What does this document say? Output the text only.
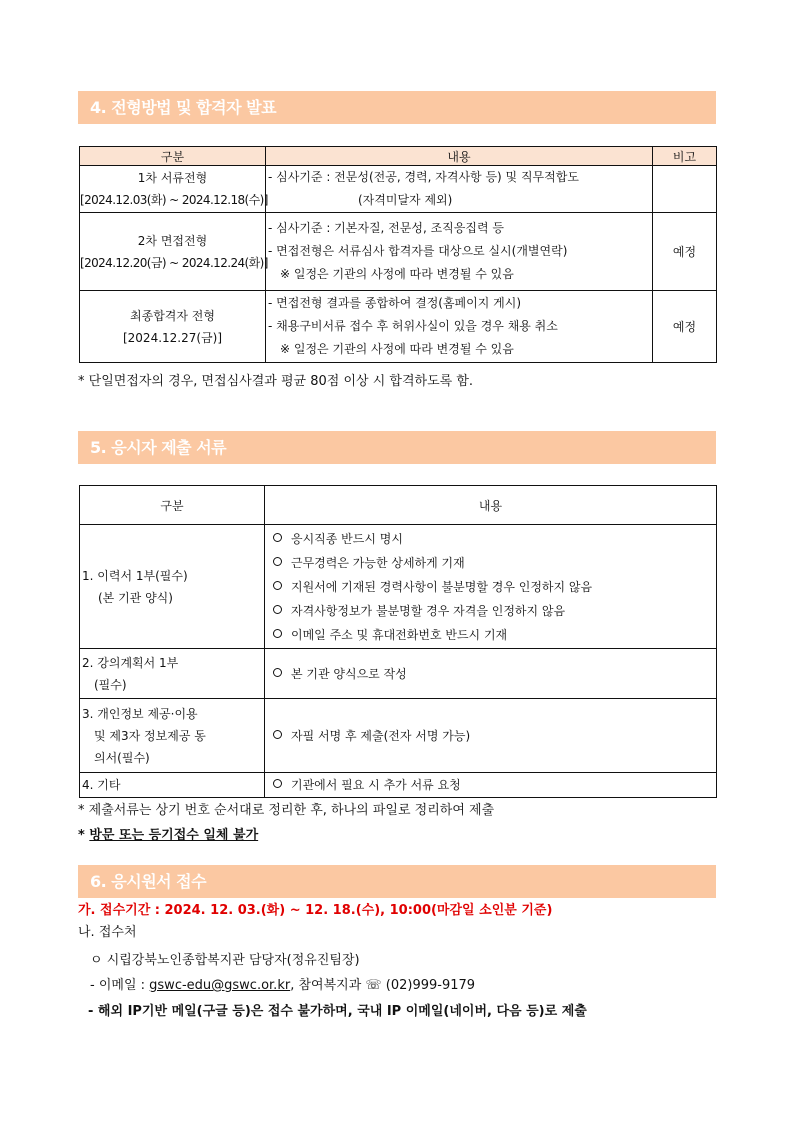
4. 전형방법 및 합격자 발표
구분	내용	비고

1차 서류전형
[2024.12.03(화) ~ 2024.12.18(수)]	- 심사기준 : 전문성(전공, 경력, 자격사항 등) 및 직무적합도
(자격미달자 제외)	

2차 면접전형
[2024.12.20(금) ~ 2024.12.24(화)]	- 심사기준 : 기본자질, 전문성, 조직응집력 등
- 면접전형은 서류심사 합격자를 대상으로 실시(개별연락)
※ 일정은 기관의 사정에 따라 변경될 수 있음	예정

최종합격자 전형
[2024.12.27(금)]	- 면접전형 결과를 종합하여 결정(홈페이지 게시)
- 채용구비서류 접수 후 허위사실이 있을 경우 채용 취소
※ 일정은 기관의 사정에 따라 변경될 수 있음	예정
* 단일면접자의 경우, 면접심사결과 평균 80점 이상 시 합격하도록 함.
5. 응시자 제출 서류
구분	내용

1. 이력서 1부(필수)
(본 기관 양식)	응시직종 반드시 명시
근무경력은 가능한 상세하게 기재
지원서에 기재된 경력사항이 불분명할 경우 인정하지 않음
자격사항정보가 불분명할 경우 자격을 인정하지 않음
이메일 주소 및 휴대전화번호 반드시 기재

2. 강의계획서 1부
(필수)	본 기관 양식으로 작성

3. 개인정보 제공·이용
및 제3자 정보제공 동
의서(필수)	자필 서명 후 제출(전자 서명 가능)

4. 기타	기관에서 필요 시 추가 서류 요청
* 제출서류는 상기 번호 순서대로 정리한 후, 하나의 파일로 정리하여 제출
* 방문 또는 등기접수 일체 불가
6. 응시원서 접수
가. 접수기간 : 2024. 12. 03.(화) ~ 12. 18.(수), 10:00(마감일 소인분 기준)
나. 접수처
ㅇ 시립강북노인종합복지관 담당자(정유진팀장)
- 이메일 : gswc-edu@gswc.or.kr, 참여복지과 ☏ (02)999-9179
- 해외 IP기반 메일(구글 등)은 접수 불가하며, 국내 IP 이메일(네이버, 다음 등)로 제출
